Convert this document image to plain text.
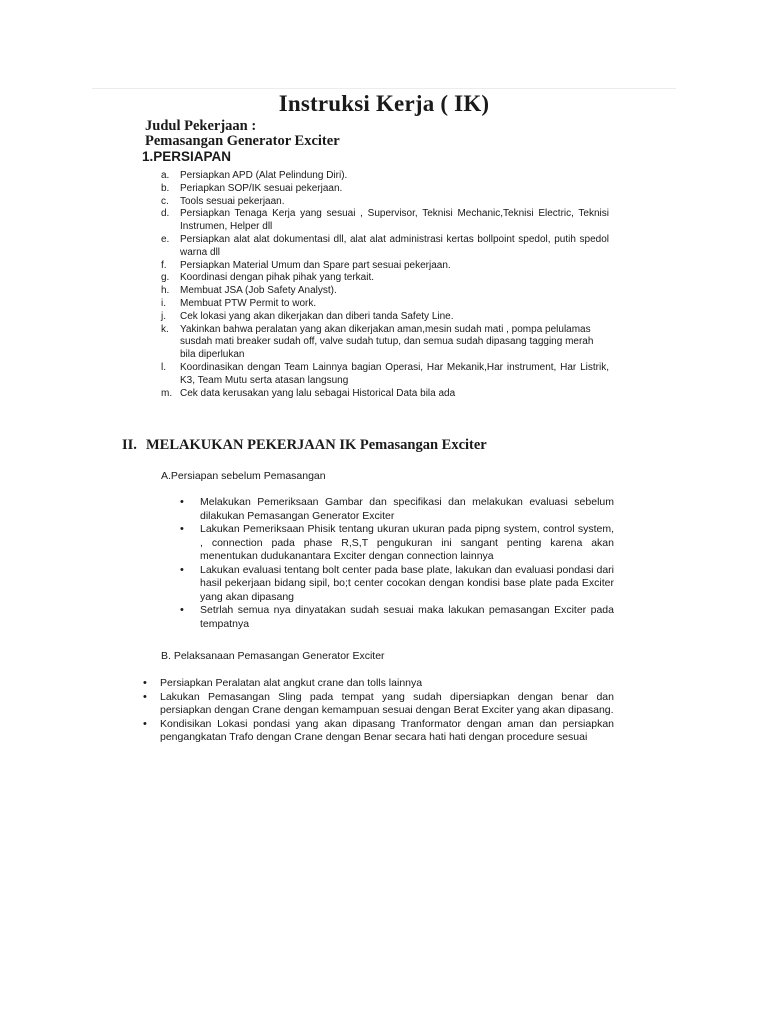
Instruksi Kerja ( IK)
Judul Pekerjaan :
Pemasangan Generator Exciter
1.PERSIAPAN
a. Persiapkan APD (Alat Pelindung Diri).
b. Periapkan SOP/IK sesuai pekerjaan.
c. Tools sesuai pekerjaan.
d. Persiapkan Tenaga Kerja yang sesuai , Supervisor, Teknisi Mechanic,Teknisi Electric, Teknisi Instrumen, Helper dll
e. Persiapkan alat alat dokumentasi dll, alat alat administrasi kertas bollpoint spedol, putih spedol warna dll
f. Persiapkan Material Umum dan Spare part sesuai pekerjaan.
g. Koordinasi dengan pihak pihak yang terkait.
h. Membuat JSA (Job Safety Analyst).
i. Membuat PTW Permit to work.
j. Cek lokasi yang akan dikerjakan dan diberi tanda Safety Line.
k. Yakinkan bahwa peralatan yang akan dikerjakan aman,mesin sudah mati , pompa pelulamas susdah mati breaker sudah off, valve sudah tutup, dan semua sudah dipasang tagging merah bila diperlukan
l. Koordinasikan dengan Team Lainnya bagian Operasi, Har Mekanik,Har instrument, Har Listrik, K3, Team Mutu serta atasan langsung
m. Cek data kerusakan yang lalu sebagai Historical Data bila ada
II. MELAKUKAN PEKERJAAN IK Pemasangan Exciter
A.Persiapan sebelum Pemasangan
• Melakukan Pemeriksaan Gambar dan specifikasi dan melakukan evaluasi sebelum dilakukan Pemasangan Generator Exciter
• Lakukan Pemeriksaan Phisik tentang ukuran ukuran pada pipng system, control system, , connection pada phase R,S,T pengukuran ini sangant penting karena akan menentukan dudukanantara Exciter dengan connection lainnya
• Lakukan evaluasi tentang bolt center pada base plate, lakukan dan evaluasi pondasi dari hasil pekerjaan bidang sipil, bo;t center cocokan dengan kondisi base plate pada Exciter yang akan dipasang
• Setrlah semua nya dinyatakan sudah sesuai maka lakukan pemasangan Exciter pada tempatnya
B. Pelaksanaan Pemasangan Generator Exciter
• Persiapkan Peralatan alat angkut crane dan tolls lainnya
• Lakukan Pemasangan Sling pada tempat yang sudah dipersiapkan dengan benar dan persiapkan dengan Crane dengan kemampuan sesuai dengan Berat Exciter yang akan dipasang.
• Kondisikan Lokasi pondasi yang akan dipasang Tranformator dengan aman dan persiapkan pengangkatan Trafo dengan Crane dengan Benar secara hati hati dengan procedure sesuai
